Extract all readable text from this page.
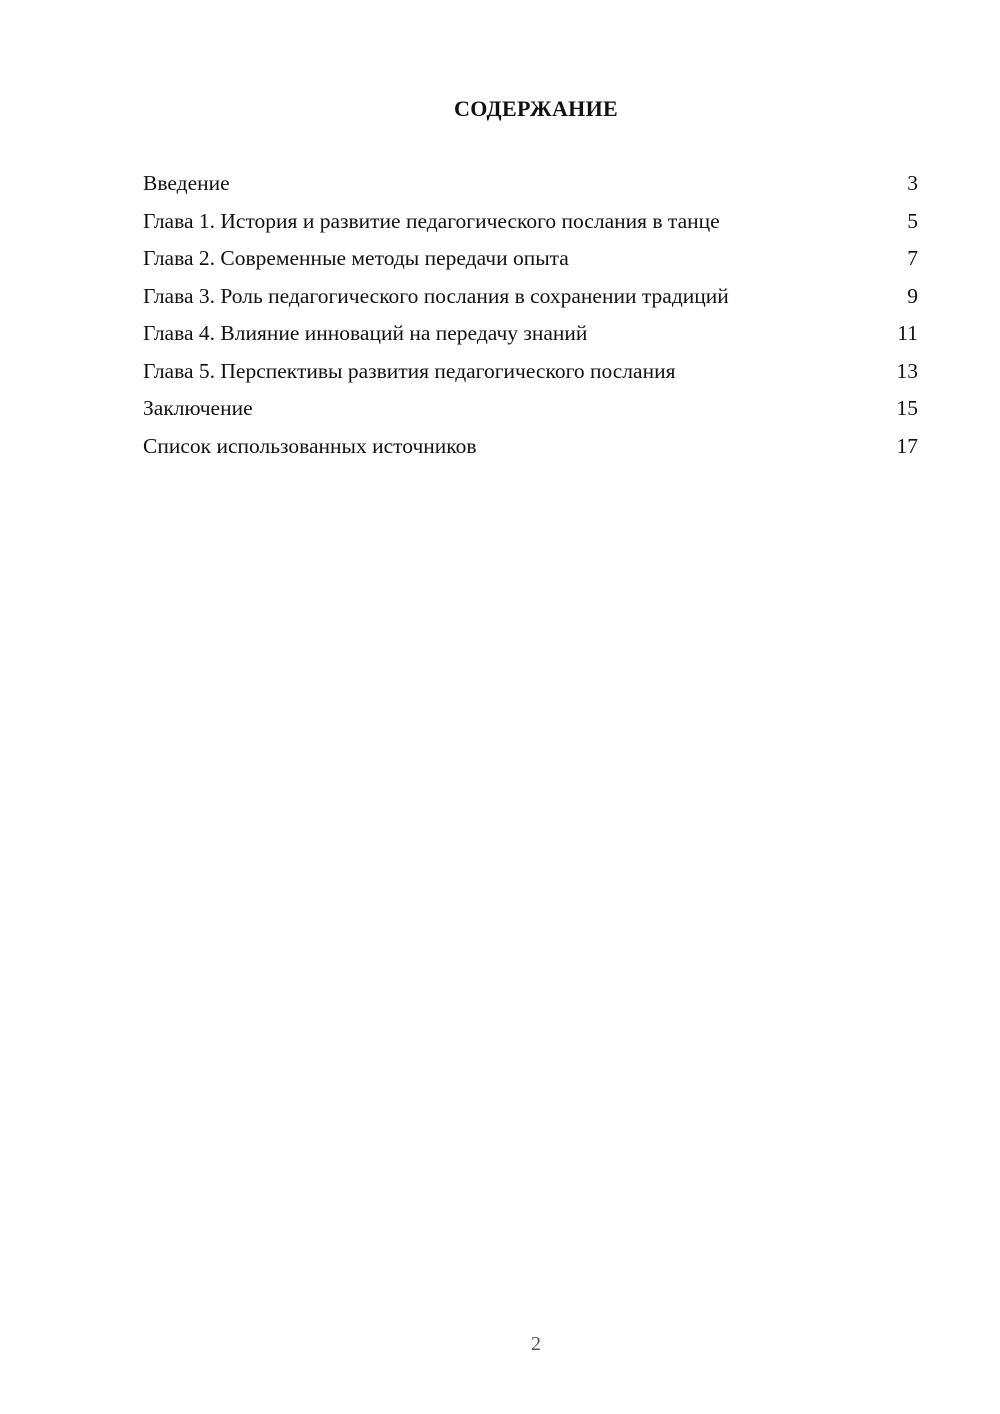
СОДЕРЖАНИЕ
Введение	3
Глава 1. История и развитие педагогического послания в танце	5
Глава 2. Современные методы передачи опыта	7
Глава 3. Роль педагогического послания в сохранении традиций	9
Глава 4. Влияние инноваций на передачу знаний	11
Глава 5. Перспективы развития педагогического послания	13
Заключение	15
Список использованных источников	17
2
